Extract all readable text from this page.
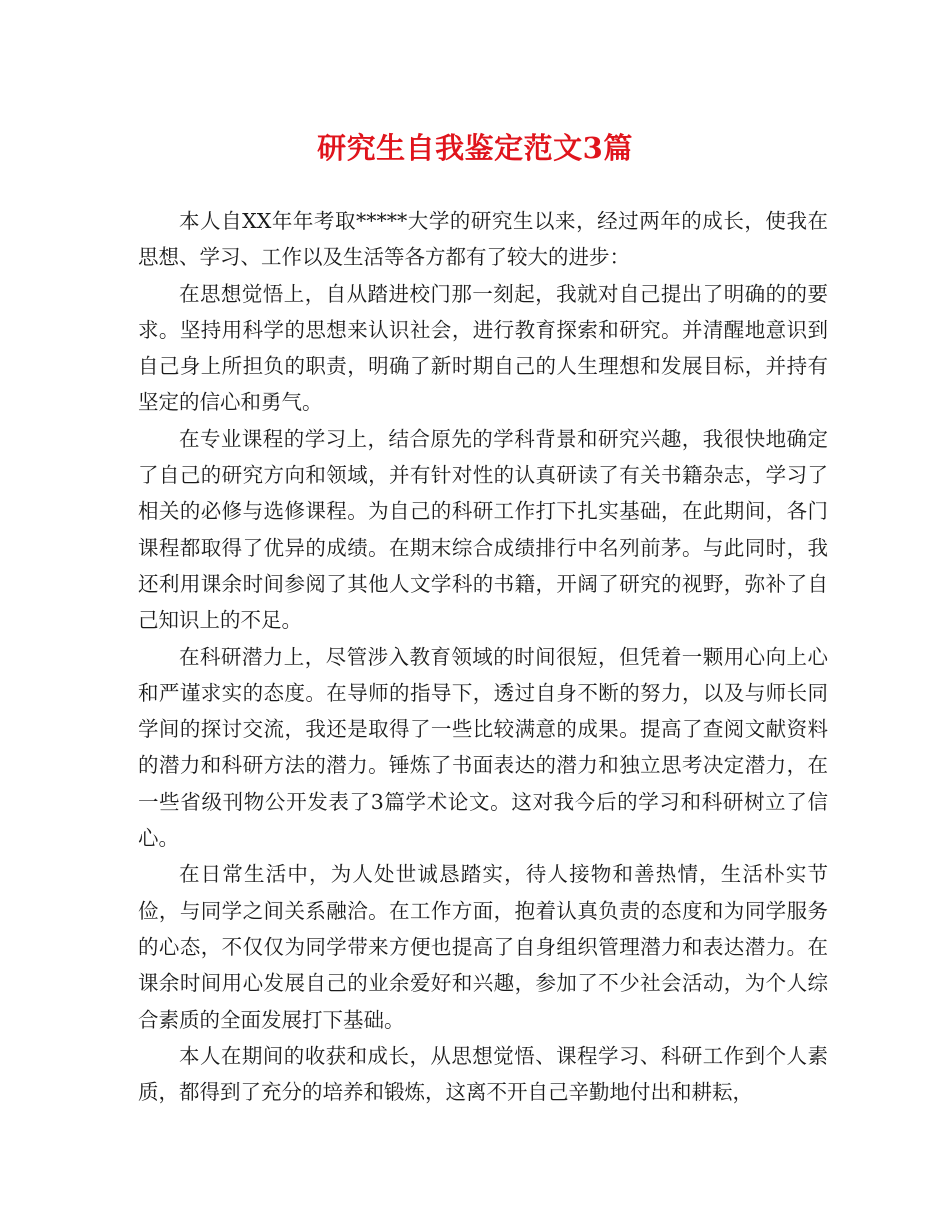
研究生自我鉴定范文3篇

本人自XX年年考取*****大学的研究生以来，经过两年的成长，使我在思想、学习、工作以及生活等各方都有了较大的进步：

在思想觉悟上，自从踏进校门那一刻起，我就对自己提出了明确的的要求。坚持用科学的思想来认识社会，进行教育探索和研究。并清醒地意识到自己身上所担负的职责，明确了新时期自己的人生理想和发展目标，并持有坚定的信心和勇气。

在专业课程的学习上，结合原先的学科背景和研究兴趣，我很快地确定了自己的研究方向和领域，并有针对性的认真研读了有关书籍杂志，学习了相关的必修与选修课程。为自己的科研工作打下扎实基础，在此期间，各门课程都取得了优异的成绩。在期末综合成绩排行中名列前茅。与此同时，我还利用课余时间参阅了其他人文学科的书籍，开阔了研究的视野，弥补了自己知识上的不足。

在科研潜力上，尽管涉入教育领域的时间很短，但凭着一颗用心向上心和严谨求实的态度。在导师的指导下，透过自身不断的努力，以及与师长同学间的探讨交流，我还是取得了一些比较满意的成果。提高了查阅文献资料的潜力和科研方法的潜力。锤炼了书面表达的潜力和独立思考决定潜力，在一些省级刊物公开发表了3篇学术论文。这对我今后的学习和科研树立了信心。

在日常生活中，为人处世诚恳踏实，待人接物和善热情，生活朴实节俭，与同学之间关系融洽。在工作方面，抱着认真负责的态度和为同学服务的心态，不仅仅为同学带来方便也提高了自身组织管理潜力和表达潜力。在课余时间用心发展自己的业余爱好和兴趣，参加了不少社会活动，为个人综合素质的全面发展打下基础。

本人在期间的收获和成长，从思想觉悟、课程学习、科研工作到个人素质，都得到了充分的培养和锻炼，这离不开自己辛勤地付出和耕耘，
